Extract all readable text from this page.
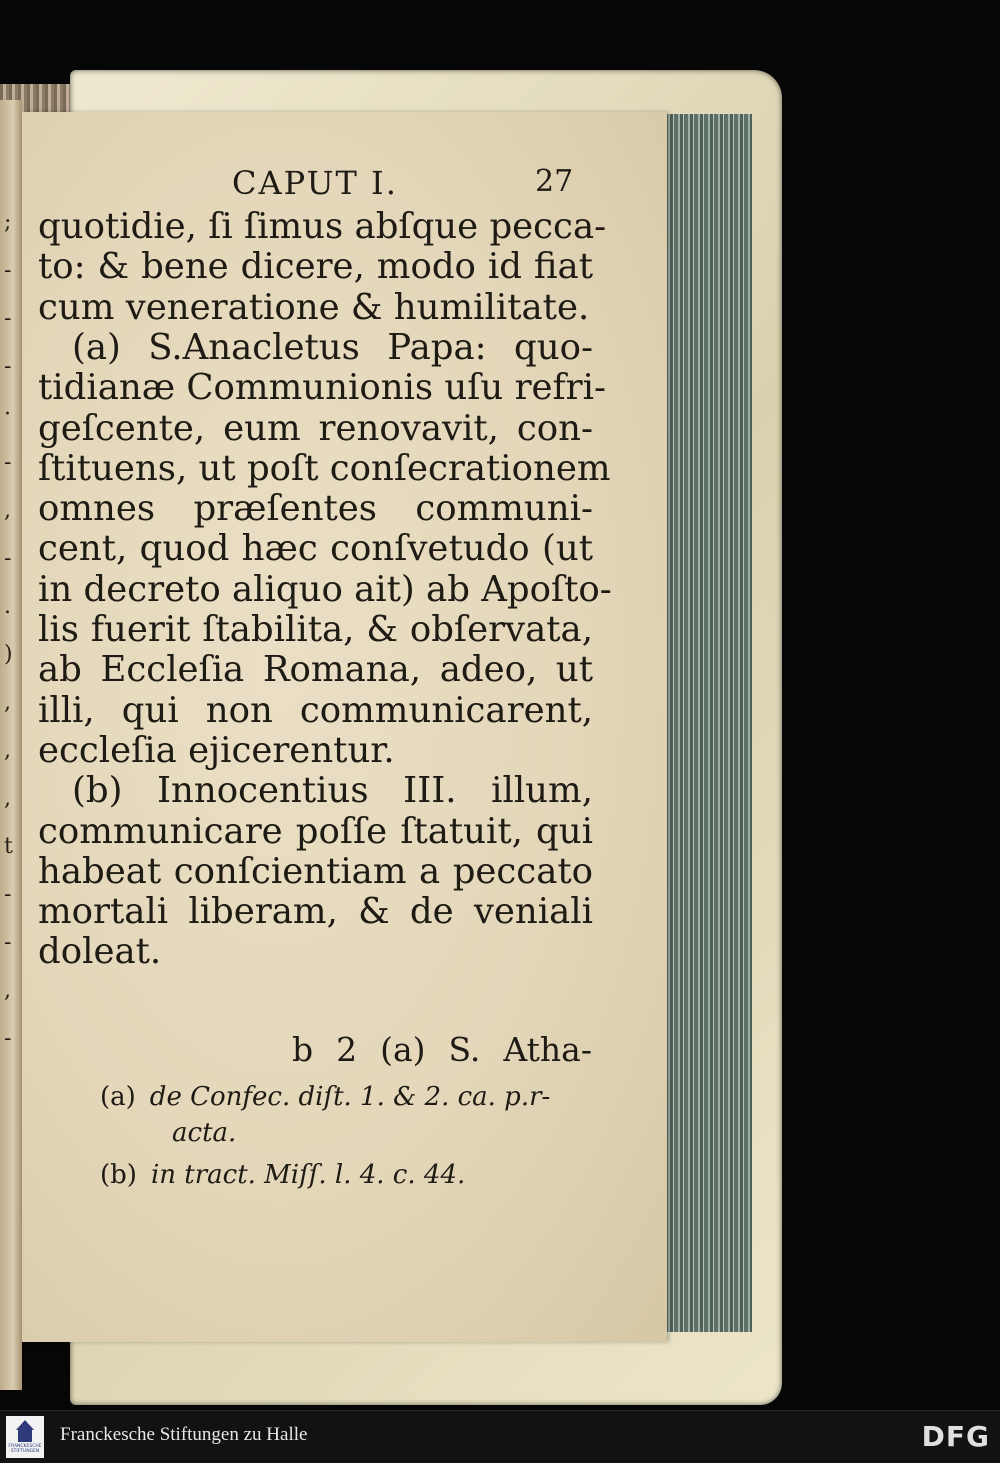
;
-
-
-
·
-
,
-
.
)
,
,
,
t
-
-
,
-
CAPUT I.	27
quotidie, ſi ſimus abſque pecca-
to: & bene dicere, modo id fiat
cum veneratione & humilitate.
(a) S.Anacletus Papa: quo-
tidianæ Communionis uſu refri-
geſcente, eum renovavit, con-
ſtituens, ut poſt conſecrationem
omnes præſentes communi-
cent, quod hæc conſvetudo (ut
in decreto aliquo ait) ab Apoſto-
lis fuerit ſtabilita, & obſervata,
ab Eccleſia Romana, adeo, ut
illi, qui non communicarent,
eccleſia ejicerentur.
(b) Innocentius III. illum,
communicare poſſe ſtatuit, qui
habeat conſcientiam a peccato
mortali liberam, & de veniali
doleat.
b 2 (a) S. Atha-
(a) de Confec. diſt. 1. & 2. ca. p.r-
acta.
(b) in tract. Miſſ. l. 4. c. 44.
FRANCKESCHE STIFTUNGEN
Franckesche Stiftungen zu Halle	DFG
